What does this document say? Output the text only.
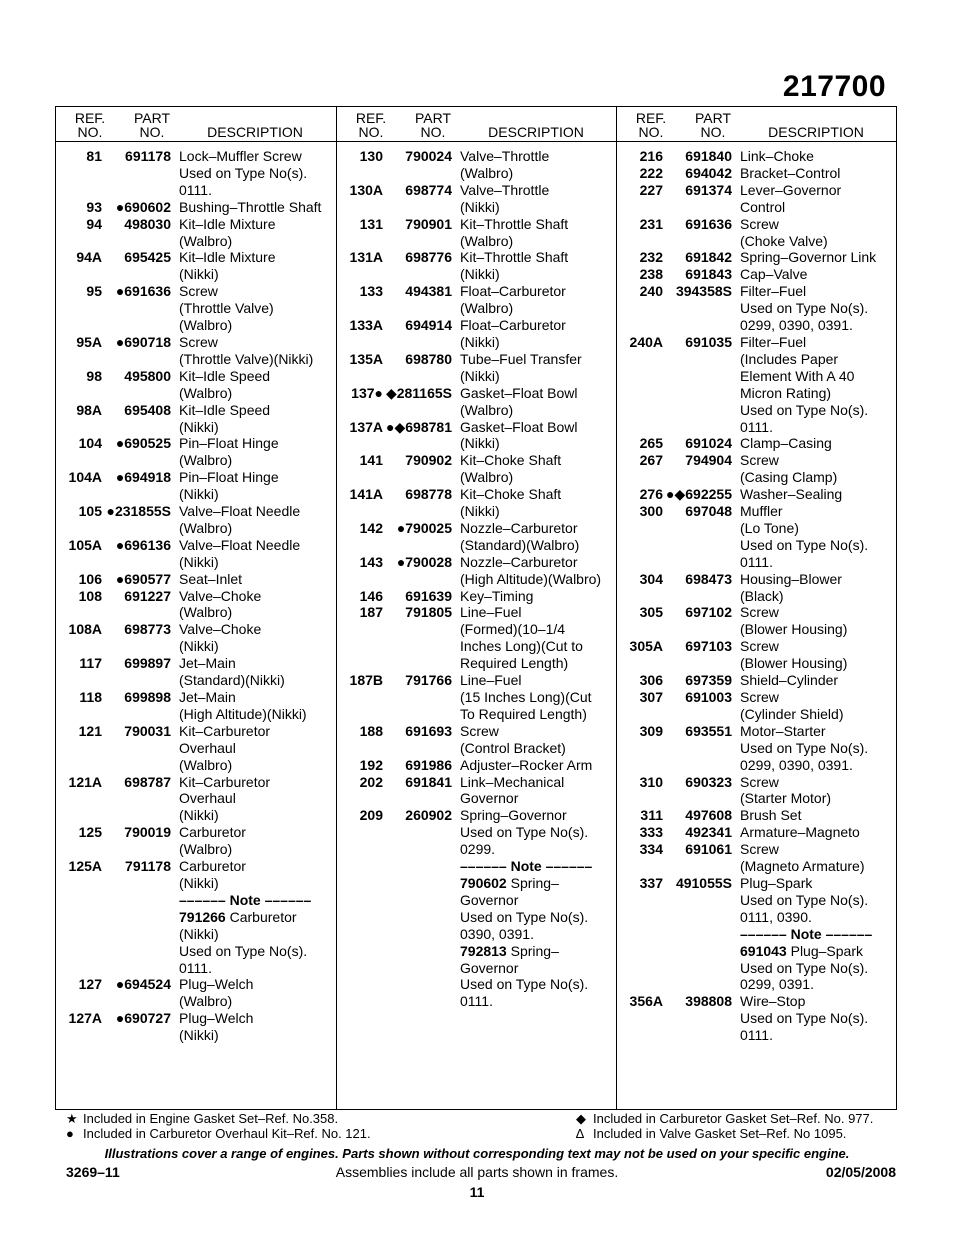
217700
REF.
NO.
PART
NO.	DESCRIPTION
81	691178 Lock–Muffler Screw
Used on Type No(s).
0111.
93 ●690602 Bushing–Throttle Shaft
94	498030 Kit–Idle Mixture
(Walbro)
94A	695425 Kit–Idle Mixture
(Nikki)
95 ●691636 Screw
(Throttle Valve)
(Walbro)
95A ●690718 Screw
(Throttle Valve)(Nikki)
98	495800 Kit–Idle Speed
(Walbro)
98A	695408 Kit–Idle Speed
(Nikki)
104 ●690525 Pin–Float Hinge
(Walbro)
104A ●694918 Pin–Float Hinge
(Nikki)
105 ●231855S Valve–Float Needle
(Walbro)
105A ●696136 Valve–Float Needle
(Nikki)
106 ●690577 Seat–Inlet
108	691227 Valve–Choke
(Walbro)
108A	698773 Valve–Choke
(Nikki)
117	699897 Jet–Main
(Standard)(Nikki)
118	699898 Jet–Main
(High Altitude)(Nikki)
121	790031 Kit–Carburetor
Overhaul
(Walbro)
121A	698787 Kit–Carburetor
Overhaul
(Nikki)
125	790019 Carburetor
(Walbro)
125A	791178 Carburetor
(Nikki)
–––––– Note ––––––
791266 Carburetor
(Nikki)
Used on Type No(s).
0111.
127 ●694524 Plug–Welch
(Walbro)
127A ●690727 Plug–Welch
(Nikki)
REF.
NO.
PART
NO.	DESCRIPTION
130	790024 Valve–Throttle
(Walbro)
130A	698774 Valve–Throttle
(Nikki)
131	790901 Kit–Throttle Shaft
(Walbro)
131A	698776 Kit–Throttle Shaft
(Nikki)
133	494381 Float–Carburetor
(Walbro)
133A	694914 Float–Carburetor
(Nikki)
135A	698780 Tube–Fuel Transfer
(Nikki)
137● ◆281165S Gasket–Float Bowl
(Walbro)
137A ●◆698781 Gasket–Float Bowl
(Nikki)
141	790902 Kit–Choke Shaft
(Walbro)
141A	698778 Kit–Choke Shaft
(Nikki)
142 ●790025 Nozzle–Carburetor
(Standard)(Walbro)
143 ●790028 Nozzle–Carburetor
(High Altitude)(Walbro)
146	691639 Key–Timing
187	791805 Line–Fuel
(Formed)(10–1/4
Inches Long)(Cut to
Required Length)
187B	791766 Line–Fuel
(15 Inches Long)(Cut
To Required Length)
188	691693 Screw
(Control Bracket)
192	691986 Adjuster–Rocker Arm
202	691841 Link–Mechanical
Governor
209	260902 Spring–Governor
Used on Type No(s).
0299.
–––––– Note ––––––
790602 Spring–
Governor
Used on Type No(s).
0390, 0391.
792813 Spring–
Governor
Used on Type No(s).
0111.
REF.
NO.
PART
NO.	DESCRIPTION
216	691840 Link–Choke
222	694042 Bracket–Control
227	691374 Lever–Governor
Control
231	691636 Screw
(Choke Valve)
232	691842 Spring–Governor Link
238	691843 Cap–Valve
240 394358S Filter–Fuel
Used on Type No(s).
0299, 0390, 0391.
240A	691035 Filter–Fuel
(Includes Paper
Element With A 40
Micron Rating)
Used on Type No(s).
0111.
265	691024 Clamp–Casing
267	794904 Screw
(Casing Clamp)
276 ●◆692255 Washer–Sealing
300	697048 Muffler
(Lo Tone)
Used on Type No(s).
0111.
304	698473 Housing–Blower
(Black)
305	697102 Screw
(Blower Housing)
305A	697103 Screw
(Blower Housing)
306	697359 Shield–Cylinder
307	691003 Screw
(Cylinder Shield)
309	693551 Motor–Starter
Used on Type No(s).
0299, 0390, 0391.
310	690323 Screw
(Starter Motor)
311	497608 Brush Set
333	492341 Armature–Magneto
334	691061 Screw
(Magneto Armature)
337 491055S Plug–Spark
Used on Type No(s).
0111, 0390.
–––––– Note ––––––
691043 Plug–Spark
Used on Type No(s).
0299, 0391.
356A	398808 Wire–Stop
Used on Type No(s).
0111.
★ Included in Engine Gasket Set–Ref. No.358.
● Included in Carburetor Overhaul Kit–Ref. No. 121.
◆ Included in Carburetor Gasket Set–Ref. No. 977.
∆ Included in Valve Gasket Set–Ref. No 1095.
Illustrations cover a range of engines. Parts shown without corresponding text may not be used on your specific engine.
3269–11	Assemblies include all parts shown in frames.	02/05/2008
11
